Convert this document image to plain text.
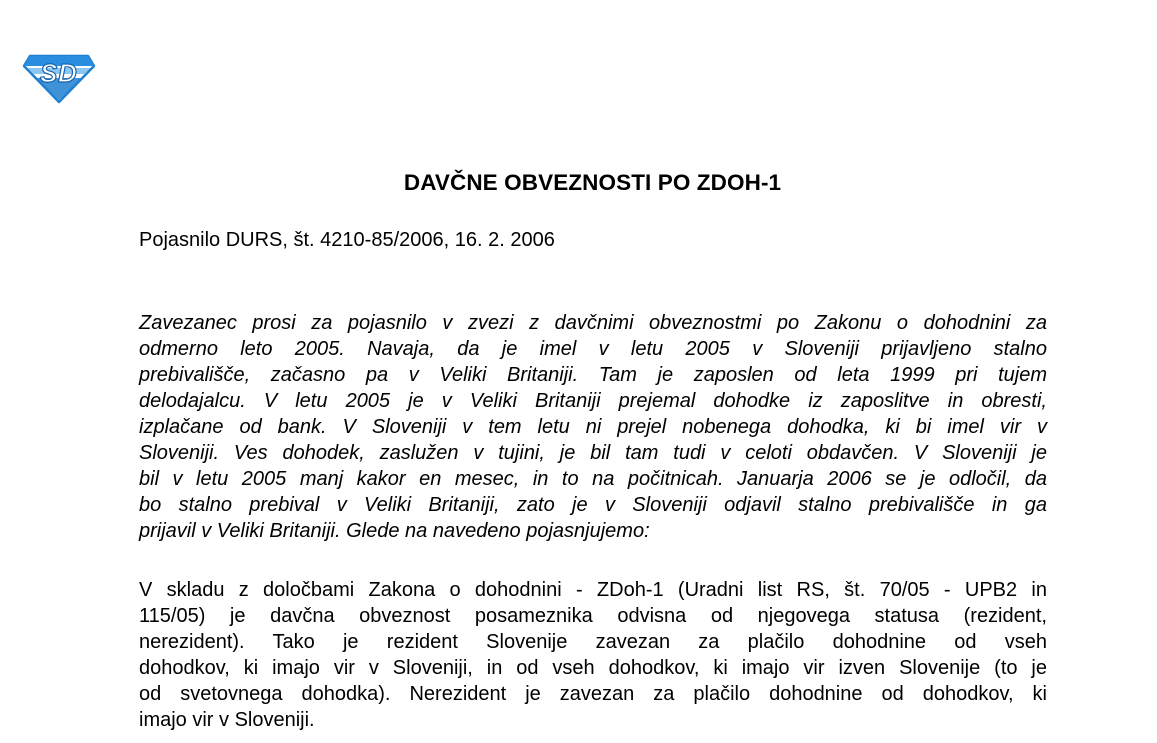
S D
DAVČNE OBVEZNOSTI PO ZDOH-1

Pojasnilo DURS, št. 4210-85/2006, 16. 2. 2006

Zavezanec prosi za pojasnilo v zvezi z davčnimi obveznostmi po Zakonu o dohodnini za
odmerno leto 2005. Navaja, da je imel v letu 2005 v Sloveniji prijavljeno stalno
prebivališče, začasno pa v Veliki Britaniji. Tam je zaposlen od leta 1999 pri tujem
delodajalcu. V letu 2005 je v Veliki Britaniji prejemal dohodke iz zaposlitve in obresti,
izplačane od bank. V Sloveniji v tem letu ni prejel nobenega dohodka, ki bi imel vir v
Sloveniji. Ves dohodek, zaslužen v tujini, je bil tam tudi v celoti obdavčen. V Sloveniji je
bil v letu 2005 manj kakor en mesec, in to na počitnicah. Januarja 2006 se je odločil, da
bo stalno prebival v Veliki Britaniji, zato je v Sloveniji odjavil stalno prebivališče in ga
prijavil v Veliki Britaniji. Glede na navedeno pojasnjujemo:

V skladu z določbami Zakona o dohodnini - ZDoh-1 (Uradni list RS, št. 70/05 - UPB2 in
115/05) je davčna obveznost posameznika odvisna od njegovega statusa (rezident,
nerezident). Tako je rezident Slovenije zavezan za plačilo dohodnine od vseh
dohodkov, ki imajo vir v Sloveniji, in od vseh dohodkov, ki imajo vir izven Slovenije (to je
od svetovnega dohodka). Nerezident je zavezan za plačilo dohodnine od dohodkov, ki
imajo vir v Sloveniji.
